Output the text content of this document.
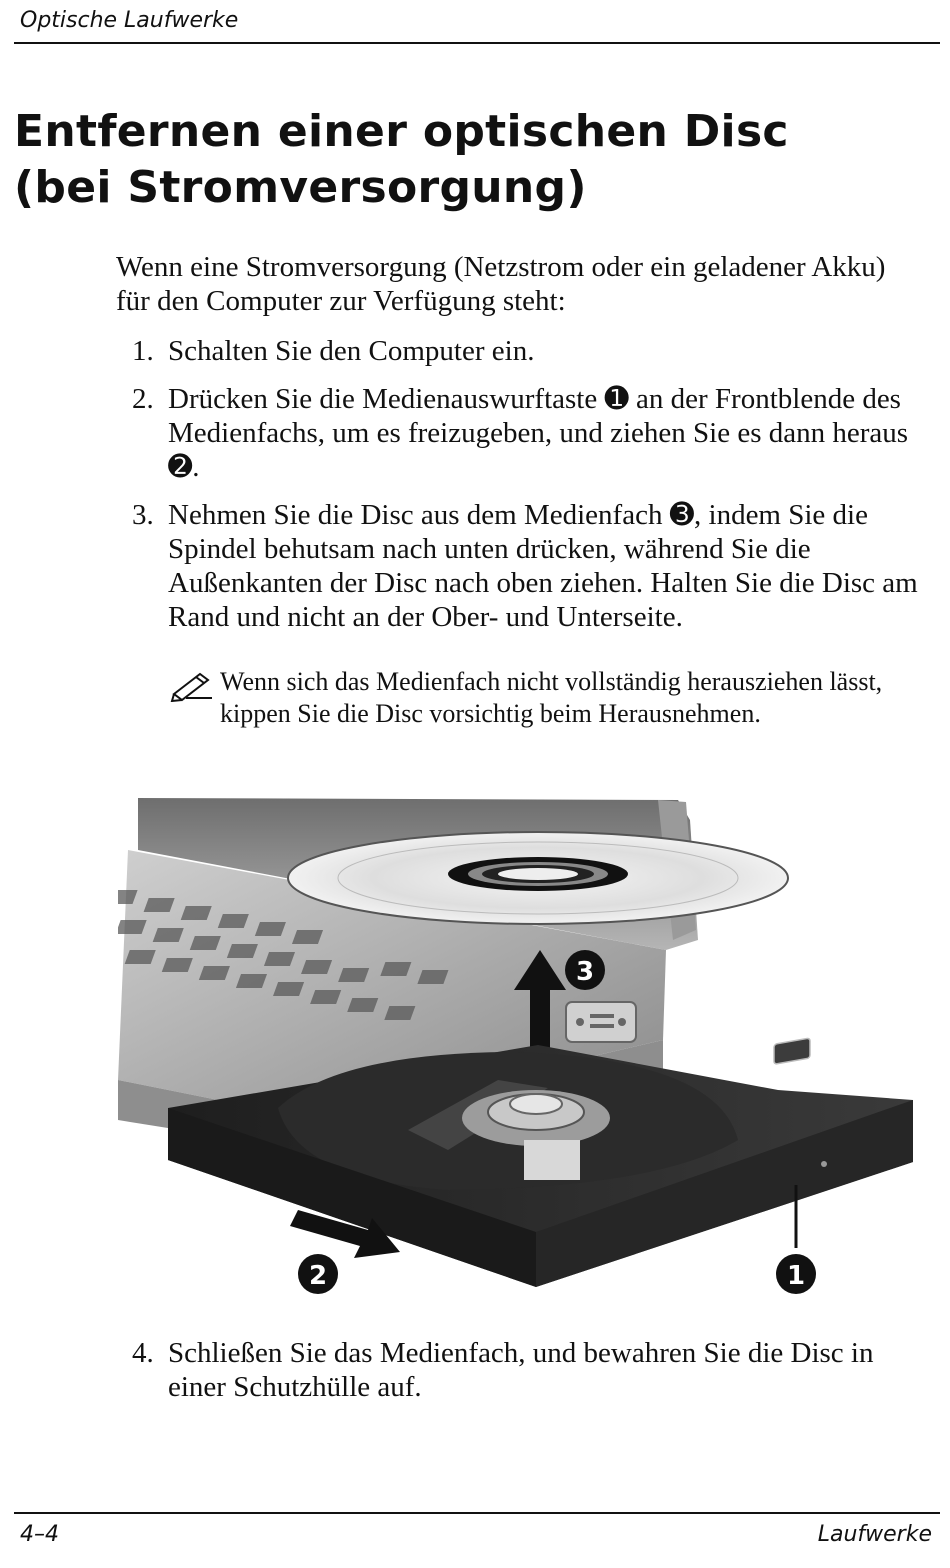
Optische Laufwerke
Entfernen einer optischen Disc
(bei Stromversorgung)

Wenn eine Stromversorgung (Netzstrom oder ein geladener Akku) für den Computer zur Verfügung steht:

1. Schalten Sie den Computer ein.
2. Drücken Sie die Medienauswurftaste ➊ an der Frontblende des Medienfachs, um es freizugeben, und ziehen Sie es dann heraus ➋.
3. Nehmen Sie die Disc aus dem Medienfach ➌, indem Sie die Spindel behutsam nach unten drücken, während Sie die Außenkanten der Disc nach oben ziehen. Halten Sie die Disc am Rand und nicht an der Ober- und Unterseite.
Wenn sich das Medienfach nicht vollständig herausziehen lässt, kippen Sie die Disc vorsichtig beim Herausnehmen.
1
2
3
4. Schließen Sie das Medienfach, und bewahren Sie die Disc in einer Schutzhülle auf.
4–4	Laufwerke
